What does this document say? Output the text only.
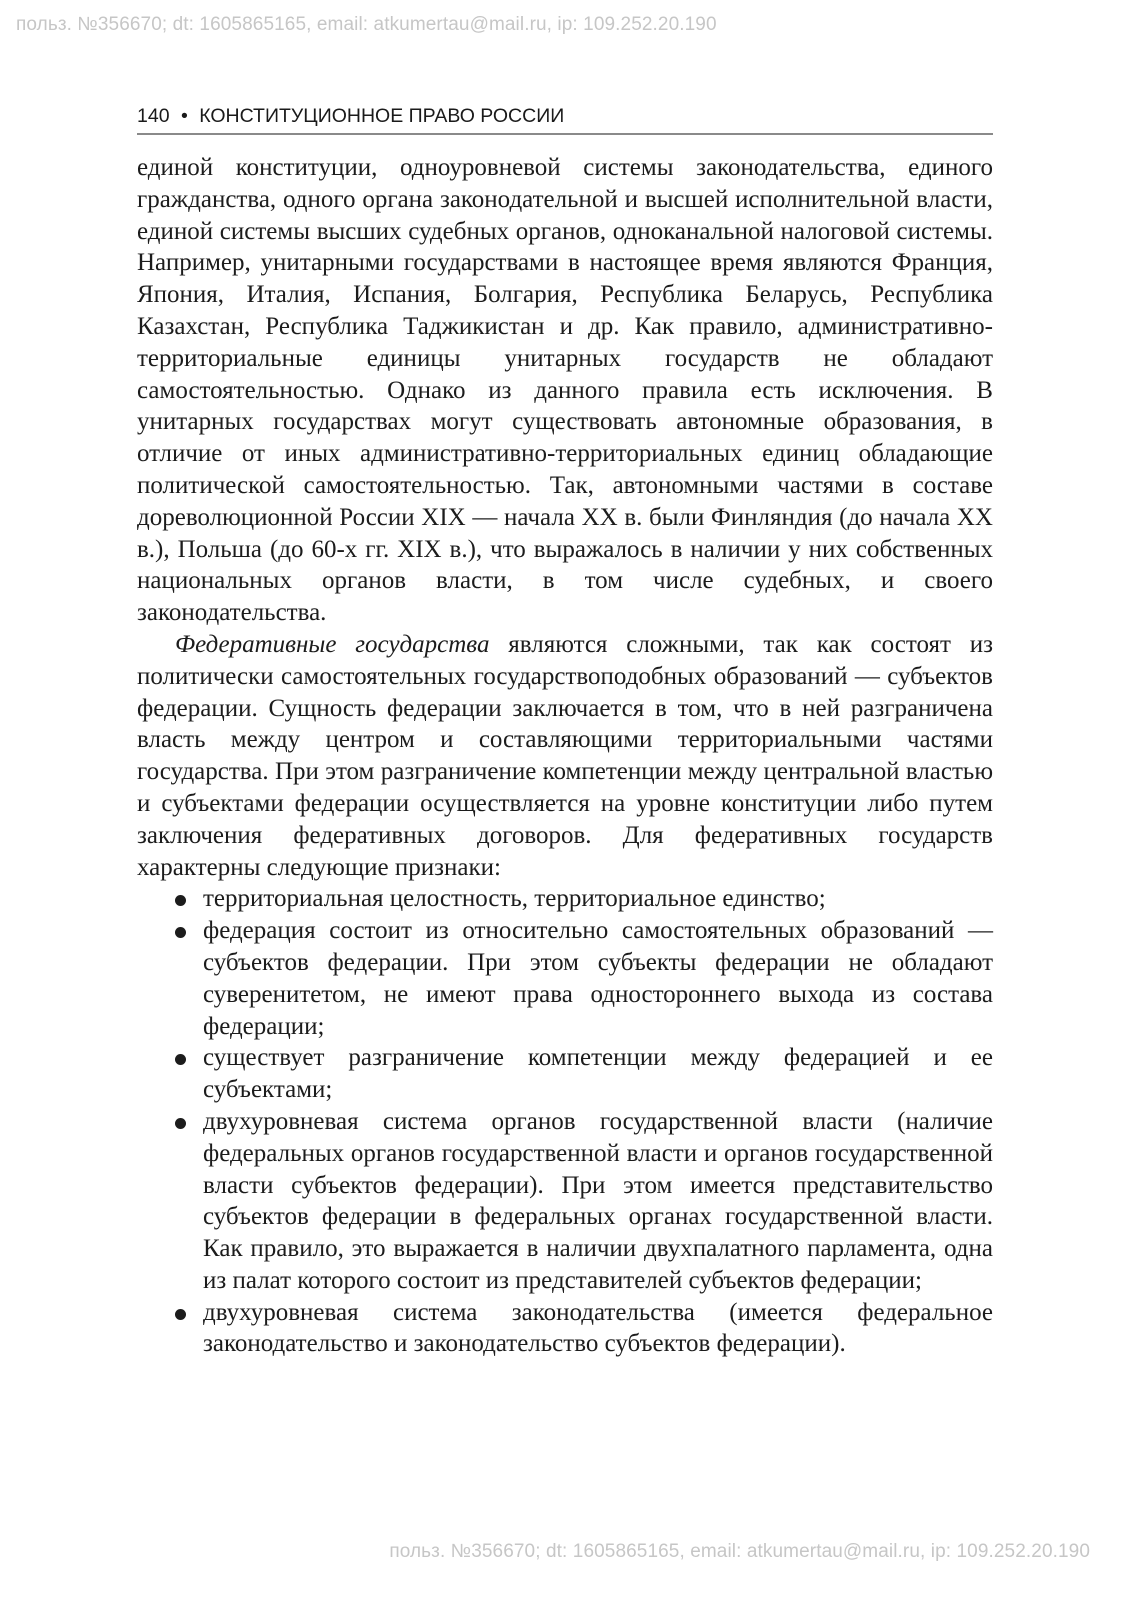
польз. №356670; dt: 1605865165, email: atkumertau@mail.ru, ip: 109.252.20.190
140 • КОНСТИТУЦИОННОЕ ПРАВО РОССИИ

единой конституции, одноуровневой системы законодательства, единого гражданства, одного органа законодательной и высшей исполнительной власти, единой системы высших судебных органов, одноканальной налоговой системы. Например, унитарными государствами в настоящее время являются Франция, Япония, Италия, Испания, Болгария, Республика Беларусь, Республика Казахстан, Республика Таджикистан и др. Как правило, административно-территориальные единицы унитарных государств не обладают самостоятельностью. Однако из данного правила есть исключения. В унитарных государствах могут существовать автономные образования, в отличие от иных административно-территориальных единиц обладающие политической самостоятельностью. Так, автономными частями в составе дореволюционной России XIX — начала XX в. были Финляндия (до начала XX в.), Польша (до 60-х гг. XIX в.), что выражалось в наличии у них собственных национальных органов власти, в том числе судебных, и своего законодательства.

Федеративные государства являются сложными, так как состоят из политически самостоятельных государствоподобных образований — субъектов федерации. Сущность федерации заключается в том, что в ней разграничена власть между центром и составляющими территориальными частями государства. При этом разграничение компетенции между центральной властью и субъектами федерации осуществляется на уровне конституции либо путем заключения федеративных договоров. Для федеративных государств характерны следующие признаки:

территориальная целостность, территориальное единство;
федерация состоит из относительно самостоятельных образований — субъектов федерации. При этом субъекты федерации не обладают суверенитетом, не имеют права одностороннего выхода из состава федерации;
существует разграничение компетенции между федерацией и ее субъектами;
двухуровневая система органов государственной власти (наличие федеральных органов государственной власти и органов государственной власти субъектов федерации). При этом имеется представительство субъектов федерации в федеральных органах государственной власти. Как правило, это выражается в наличии двухпалатного парламента, одна из палат которого состоит из представителей субъектов федерации;
двухуровневая система законодательства (имеется федеральное законодательство и законодательство субъектов федерации).
польз. №356670; dt: 1605865165, email: atkumertau@mail.ru, ip: 109.252.20.190
